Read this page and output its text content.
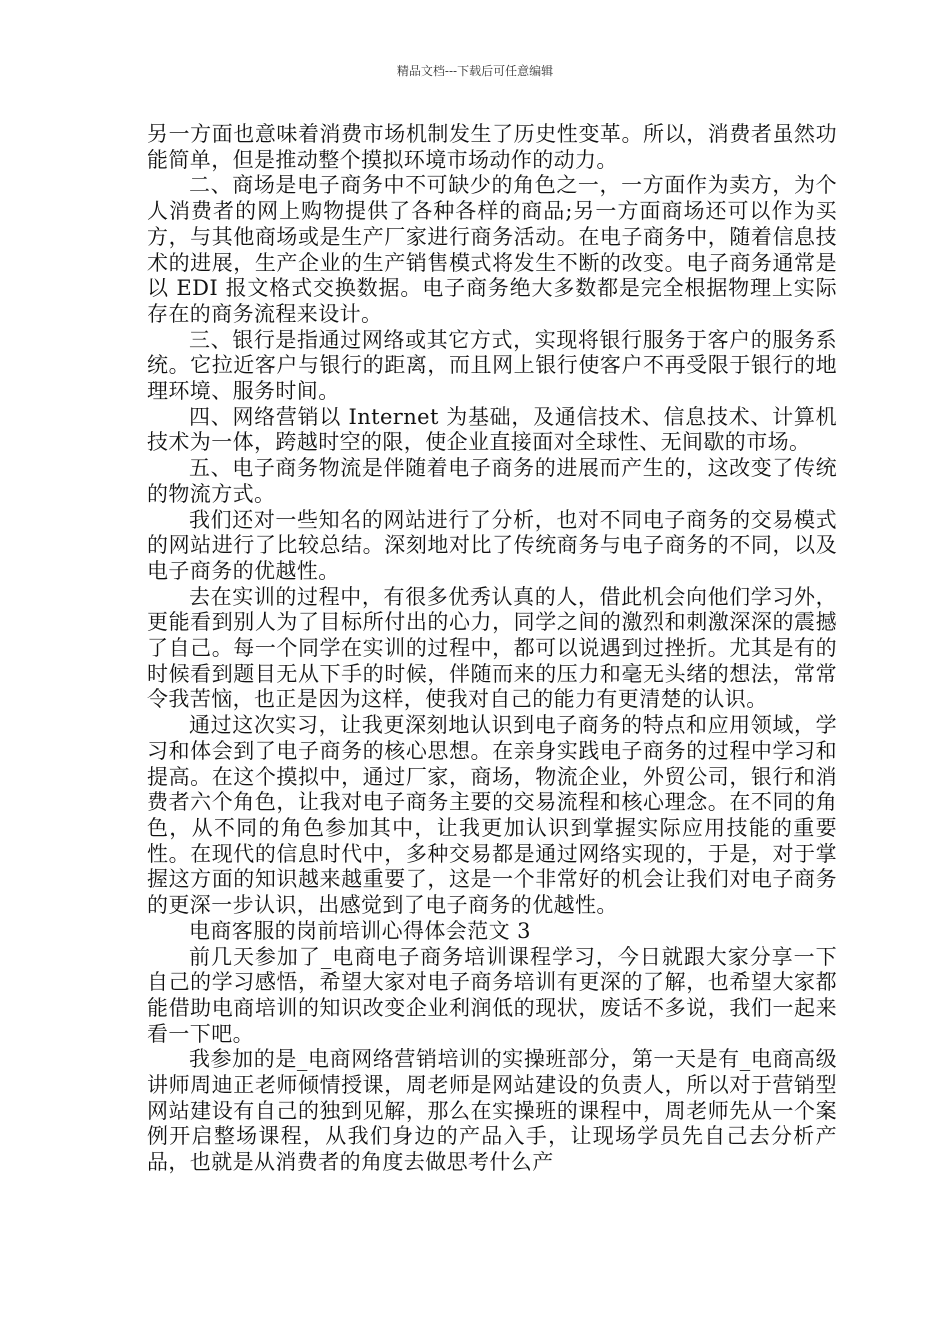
精品文档---下载后可任意编辑

另一方面也意味着消费市场机制发生了历史性变革。所以，消费者虽然功能简单，但是推动整个摸拟环境市场动作的动力。

二、商场是电子商务中不可缺少的角色之一，一方面作为卖方，为个人消费者的网上购物提供了各种各样的商品;另一方面商场还可以作为买方，与其他商场或是生产厂家进行商务活动。在电子商务中，随着信息技术的进展，生产企业的生产销售模式将发生不断的改变。电子商务通常是以 EDI 报文格式交换数据。电子商务绝大多数都是完全根据物理上实际存在的商务流程来设计。

三、银行是指通过网络或其它方式，实现将银行服务于客户的服务系统。它拉近客户与银行的距离，而且网上银行使客户不再受限于银行的地理环境、服务时间。

四、网络营销以 Internet 为基础，及通信技术、信息技术、计算机技术为一体，跨越时空的限，使企业直接面对全球性、无间歇的市场。

五、电子商务物流是伴随着电子商务的进展而产生的，这改变了传统的物流方式。

我们还对一些知名的网站进行了分析，也对不同电子商务的交易模式的网站进行了比较总结。深刻地对比了传统商务与电子商务的不同，以及电子商务的优越性。

去在实训的过程中，有很多优秀认真的人，借此机会向他们学习外，更能看到别人为了目标所付出的心力，同学之间的激烈和刺激深深的震撼了自己。每一个同学在实训的过程中，都可以说遇到过挫折。尤其是有的时候看到题目无从下手的时候，伴随而来的压力和毫无头绪的想法，常常令我苦恼，也正是因为这样，使我对自己的能力有更清楚的认识。

通过这次实习，让我更深刻地认识到电子商务的特点和应用领域，学习和体会到了电子商务的核心思想。在亲身实践电子商务的过程中学习和提高。在这个摸拟中，通过厂家，商场，物流企业，外贸公司，银行和消费者六个角色，让我对电子商务主要的交易流程和核心理念。在不同的角色，从不同的角色参加其中，让我更加认识到掌握实际应用技能的重要性。在现代的信息时代中，多种交易都是通过网络实现的，于是，对于掌握这方面的知识越来越重要了，这是一个非常好的机会让我们对电子商务的更深一步认识，出感觉到了电子商务的优越性。

电商客服的岗前培训心得体会范文 3

前几天参加了_电商电子商务培训课程学习，今日就跟大家分享一下自己的学习感悟，希望大家对电子商务培训有更深的了解，也希望大家都能借助电商培训的知识改变企业利润低的现状，废话不多说，我们一起来看一下吧。

我参加的是_电商网络营销培训的实操班部分，第一天是有_电商高级讲师周迪正老师倾情授课，周老师是网站建设的负责人，所以对于营销型网站建设有自己的独到见解，那么在实操班的课程中，周老师先从一个案例开启整场课程，从我们身边的产品入手，让现场学员先自己去分析产品，也就是从消费者的角度去做思考什么产
